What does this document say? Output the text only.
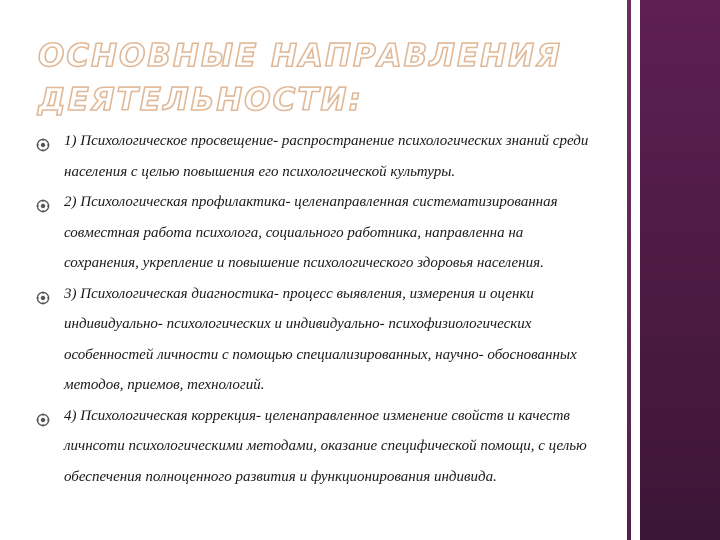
ОСНОВНЫЕ НАПРАВЛЕНИЯ
ДЕЯТЕЛЬНОСТИ:
1) Психологическое просвещение- распространение психологических знаний среди населения с целью повышения его психологической культуры.
2) Психологическая профилактика- целенаправленная систематизированная совместная работа психолога, социального работника, направленна на сохранения, укрепление и повышение психологического здоровья населения.
3) Психологическая диагностика- процесс выявления, измерения и оценки индивидуально- психологических и индивидуально- психофизиологических особенностей личности с помощью специализированных, научно- обоснованных методов, приемов, технологий.
4) Психологическая коррекция- целенаправленное изменение свойств и качеств личнсоти психологическими методами, оказание специфической помощи, с целью обеспечения полноценного развития и функционирования индивида.
